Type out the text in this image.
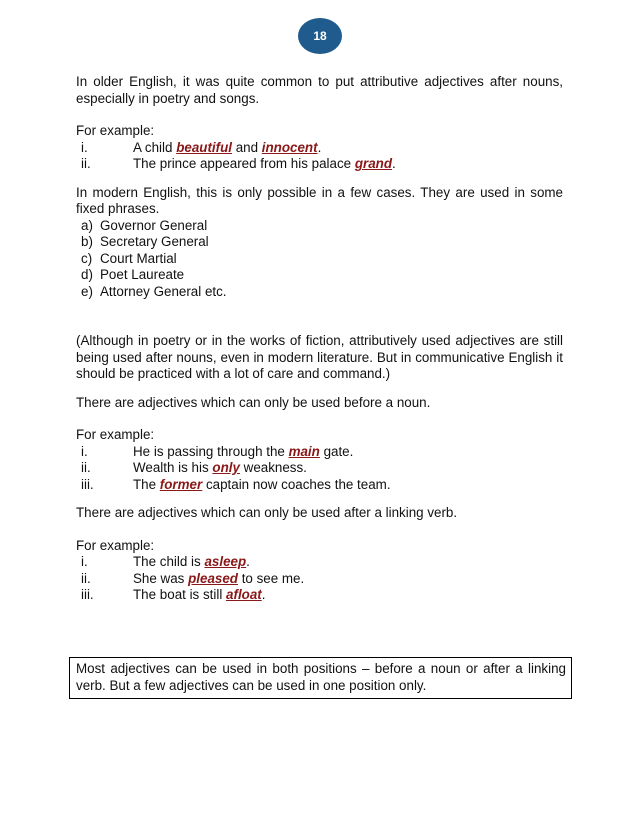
18

In older English, it was quite common to put attributive adjectives after nouns, especially in poetry and songs.

For example:

i.	A child beautiful and innocent.
ii.	The prince appeared from his palace grand.

In modern English, this is only possible in a few cases. They are used in some fixed phrases.

a) Governor General
b) Secretary General
c) Court Martial
d) Poet Laureate
e) Attorney General etc.

(Although in poetry or in the works of fiction, attributively used adjectives are still being used after nouns, even in modern literature. But in communicative English it should be practiced with a lot of care and command.)

There are adjectives which can only be used before a noun.

For example:

i.	He is passing through the main gate.
ii.	Wealth is his only weakness.
iii.	The former captain now coaches the team.

There are adjectives which can only be used after a linking verb.

For example:

i.	The child is asleep.
ii.	She was pleased to see me.
iii.	The boat is still afloat.
Most adjectives can be used in both positions – before a noun or after a linking verb. But a few adjectives can be used in one position only.
